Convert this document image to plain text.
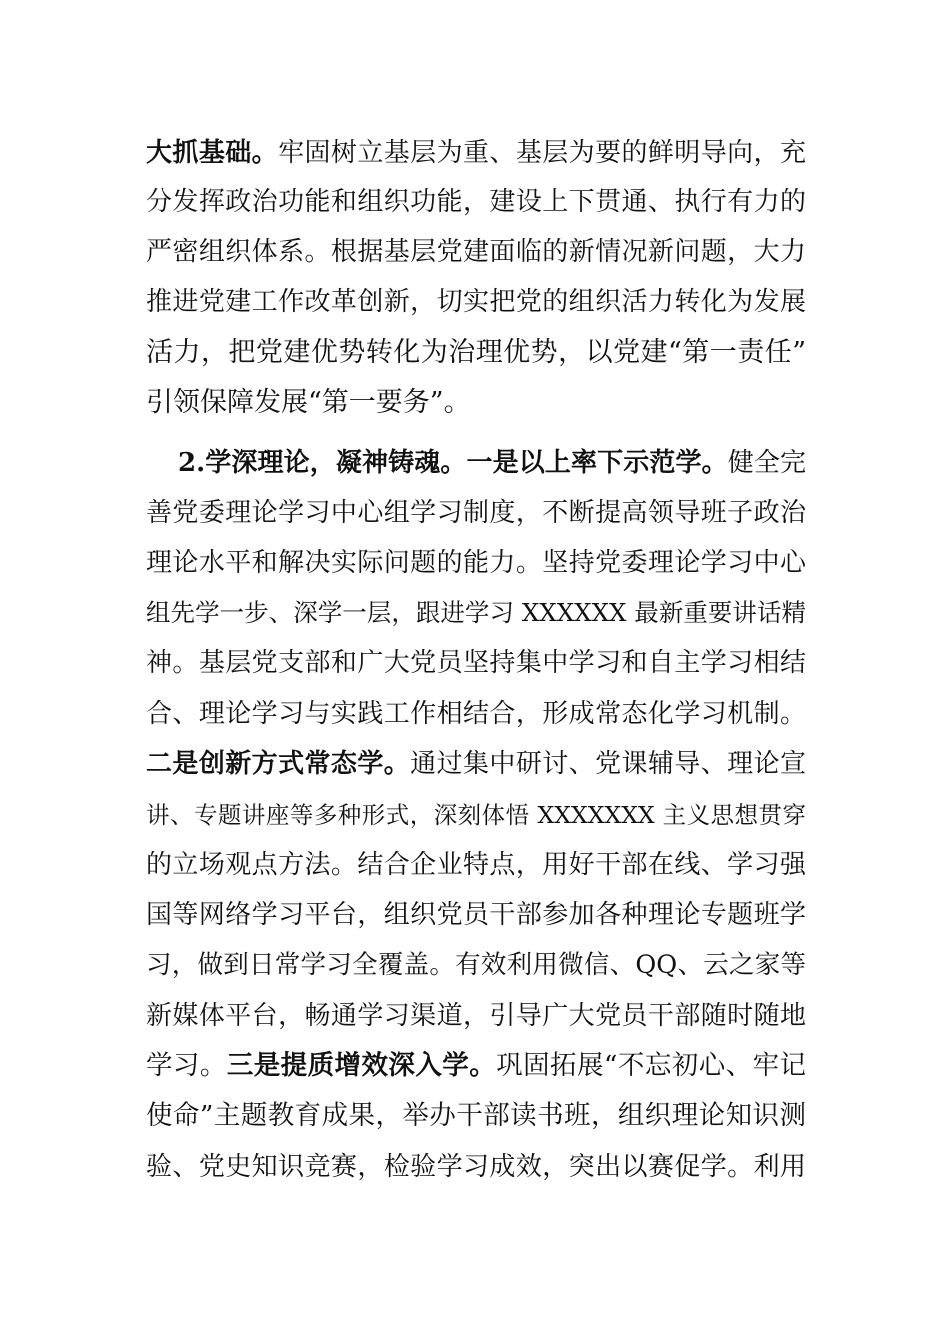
大抓基础。牢固树立基层为重、基层为要的鲜明导向，充
分发挥政治功能和组织功能，建设上下贯通、执行有力的
严密组织体系。根据基层党建面临的新情况新问题，大力
推进党建工作改革创新，切实把党的组织活力转化为发展
活力，把党建优势转化为治理优势，以党建“第一责任”
引领保障发展“第一要务”。
2.学深理论，凝神铸魂。一是以上率下示范学。健全完
善党委理论学习中心组学习制度，不断提高领导班子政治
理论水平和解决实际问题的能力。坚持党委理论学习中心
组先学一步、深学一层，跟进学习 XXXXXX 最新重要讲话精
神。基层党支部和广大党员坚持集中学习和自主学习相结
合、理论学习与实践工作相结合，形成常态化学习机制。
二是创新方式常态学。通过集中研讨、党课辅导、理论宣
讲、专题讲座等多种形式，深刻体悟 XXXXXXX 主义思想贯穿
的立场观点方法。结合企业特点，用好干部在线、学习强
国等网络学习平台，组织党员干部参加各种理论专题班学
习，做到日常学习全覆盖。有效利用微信、QQ、云之家等
新媒体平台，畅通学习渠道，引导广大党员干部随时随地
学习。三是提质增效深入学。巩固拓展“不忘初心、牢记
使命”主题教育成果，举办干部读书班，组织理论知识测
验、党史知识竞赛，检验学习成效，突出以赛促学。利用
